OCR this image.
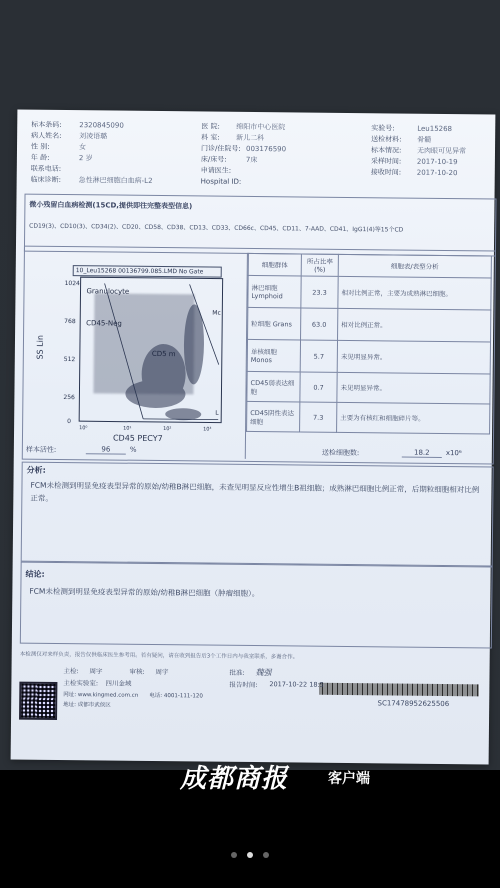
标本条码:	2320845090	医 院: 绵阳市中心医院	实验号:	Leu15268
病人姓名:	刘凌语璐	科 室: 新儿二科	送检材料: 骨髓
性 别:	女	门诊/住院号: 003176590	标本情况: 无肉眼可见异常
年 龄:	2 岁	床/床号:	7床	采样时间: 2017-10-19
联系电话:	申请医生:	接收时间: 2017-10-20
临床诊断:	急性淋巴细胞白血病-L2	Hospital ID:
微小残留白血病检测(15CD,提供即往完整表型信息)
CD19(3)、CD10(3)、CD34(2)、CD20、CD58、CD38、CD13、CD33、CD66c、CD45、CD11、7-AAD、CD41、IgG1(4)等15个CD
10_Leu15268 00136799.085.LMD No Gate
1024
768
512
256
0
Granulocyte
CD45-Neg
CD5 m
Mc
L
10⁰	10¹	10²	10³
SS Lin
CD45 PECY7
细胞群体	所占比率(%)	细胞表/表型分析
淋巴细胞 Lymphoid	23.3	相对比例正常，主要为成熟淋巴细胞。
粒细胞 Grans	63.0	相对比例正常。
单核细胞 Monos	5.7	未见明显异常。
CD45弱表达细胞	0.7	未见明显异常。
CD45阴性表达细胞	7.3	主要为有核红和细胞碎片等。
样本活性:	96	%	送检细胞数:	18.2	x10⁶
分析:
FCM未检测到明显免疫表型异常的原始/幼稚B淋巴细胞，未查见明显反应性增生B祖细胞；成熟淋巴细胞比例正常，后期粒细胞相对比例正常。
结论:
FCM未检测到明显免疫表型异常的原始/幼稚B淋巴细胞（肿瘤细胞）。
本检测仅对来样负责，报告仅供临床医生参考用。若有疑问，请在收到报告后3个工作日内与我室联系，多谢合作。
主检: 周宇	审核: 周宇	批准: 魏强
SC17478952625506
主检实验室: 四川金域	报告时间: 2017-10-22 18:5
网址: www.kingmed.com.cn 电话: 4001-111-120
地址: 成都市武侯区
成都商报	客户端
